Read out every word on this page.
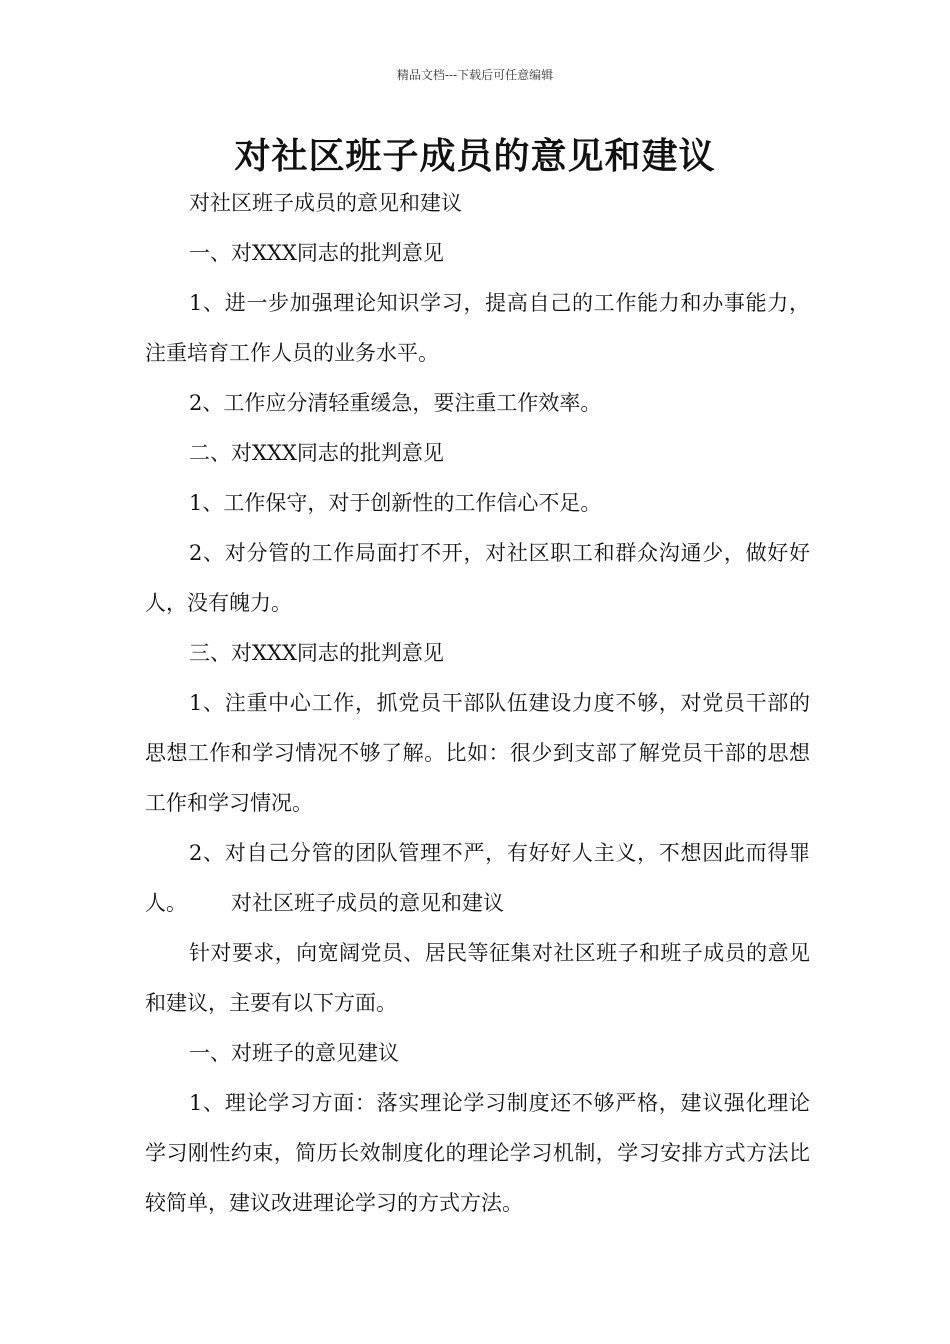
精品文档---下载后可任意编辑
对社区班子成员的意见和建议

对社区班子成员的意见和建议

一、对XXX同志的批判意见

1、进一步加强理论知识学习，提高自己的工作能力和办事能力，注重培育工作人员的业务水平。

2、工作应分清轻重缓急，要注重工作效率。

二、对XXX同志的批判意见

1、工作保守，对于创新性的工作信心不足。

2、对分管的工作局面打不开，对社区职工和群众沟通少，做好好人，没有魄力。

三、对XXX同志的批判意见

1、注重中心工作，抓党员干部队伍建设力度不够，对党员干部的思想工作和学习情况不够了解。比如：很少到支部了解党员干部的思想工作和学习情况。

2、对自己分管的团队管理不严，有好好人主义，不想因此而得罪人。 对社区班子成员的意见和建议

针对要求，向宽阔党员、居民等征集对社区班子和班子成员的意见和建议，主要有以下方面。

一、对班子的意见建议

1、理论学习方面：落实理论学习制度还不够严格，建议强化理论学习刚性约束，简历长效制度化的理论学习机制，学习安排方式方法比较简单，建议改进理论学习的方式方法。
